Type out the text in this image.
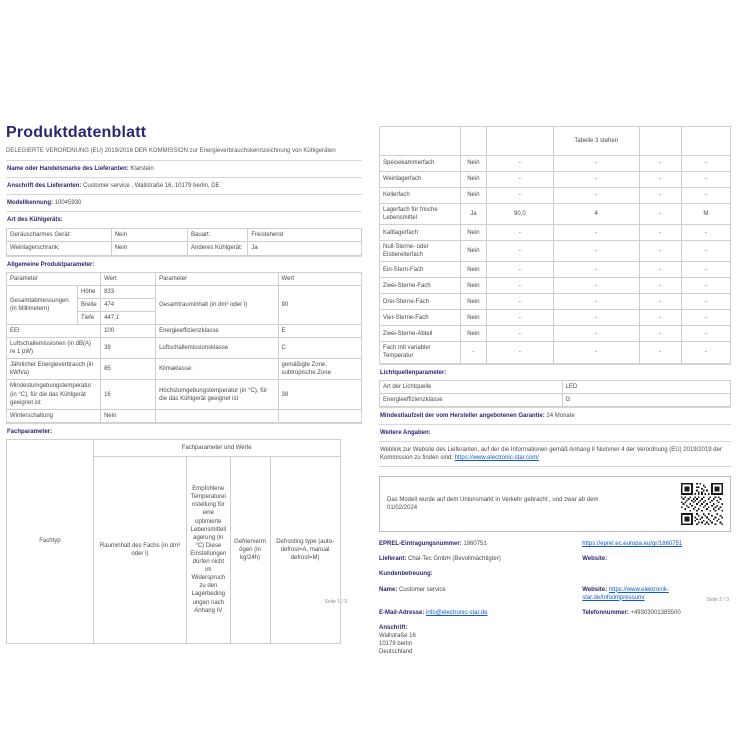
Produktdatenblatt

DELEGIERTE VERORDNUNG (EU) 2019/2016 DER KOMMISSION zur Energieverbrauchskennzeichnung von Kühlgeräten

Name oder Handelsmarke des Lieferanten: Klarstein
Anschrift des Lieferanten: Customer service , Wallstraße 16, 10179 berlin, DE
Modellkennung: 10045930
Art des Kühlgeräts:
Geräuscharmes Gerät:	Nein	Bauart:	Freistehend
Weinlagerschrank:	Nein	Anderes Kühlgerät:	Ja
Allgemeine Produktparameter:
Parameter	Wert	Parameter	Wert
Gesamtabmessungen (in Millimetern)	Höhe	833	Gesamtrauminhalt (in dm³ oder l)	90
	Breite	474		
	Tiefe	447,1		
EEI	100	Energieeffizienzklasse	E
Luftschallemissionen (in dB(A) re 1 pW)	39	Luftschallemissionsklasse	C
Jährlicher Energieverbrauch (in kWh/a)	85	Klimaklasse:	gemäßigte Zone, subtropische Zone
Mindestumgebungstemperatur (in °C), für die das Kühlgerät geeignet ist	16	Höchstumgebungstemperatur (in °C), für die das Kühlgerät geeignet ist	38
Winterschaltung	Nein		
Fachparameter:
Fachtyp	Fachparameter und Werte			
	Rauminhalt des Fachs (in dm³ oder l)	Empfohlene Temperatureinstellung für eine optimierte Lebensmittellagerung (in °C) Diese Einstellungen dürfen nicht im Widerspruch zu den Lagerbedingungen nach Anhang IV	Gefriervermögen (in kg/24h)	Defrosting type (auto-defrost=A, manual defrost=M)
Seite 1 / 3
			Tabelle 3 stehen		
Speisekammerfach	Nein	-	-	-	-
Weinlagerfach	Nein	-	-	-	-
Kellerfach	Nein	-	-	-	-
Lagerfach für frische Lebensmittel	Ja	90,0	4	-	M
Kaltlagerfach	Nein	-	-	-	-
Null-Sterne- oder Eisbereiterfach	Nein	-	-	-	-
Ein-Stern-Fach	Nein	-	-	-	-
Zwei-Sterne-Fach	Nein	-	-	-	-
Drei-Sterne-Fach	Nein	-	-	-	-
Vier-Sterne-Fach	Nein	-	-	-	-
Zwei-Sterne-Abteil	Nein	-	-	-	-
Fach mit variabler Temperatur	-	-	-	-	-
Lichtquellenparameter:
Art der Lichtquelle	LED
Energieeffizienzklasse	G
Mindestlaufzeit der vom Hersteller angebotenen Garantie: 24 Monate
Weitere Angaben:
Weblink zur Website des Lieferanten, auf der die Informationen gemäß Anhang II Nummer 4 der Verordnung (EU) 2019/2019 der Kommission zu finden sind: https://www.electronic-star.com/
Das Modell wurde auf dem Unionsmarkt in Verkehr gebracht , und zwar ab dem 01/02/2024
EPREL-Eintragungsnummer: 1860751	https://eprel.ec.europa.eu/qr/1860751
Lieferant: Chal-Tec GmbH (Bevollmächtigter)	Website:
Kundenbetreuung:
Name: Customer service	Website: https://www.elektronik-star.de/Info/impressum/
E-Mail-Adresse: info@electronic-star.de	Telefonnummer: +49303001385500
Anschrift:
Wallstraße 16
10179 berlin
Deutschland
Seite 2 / 3
